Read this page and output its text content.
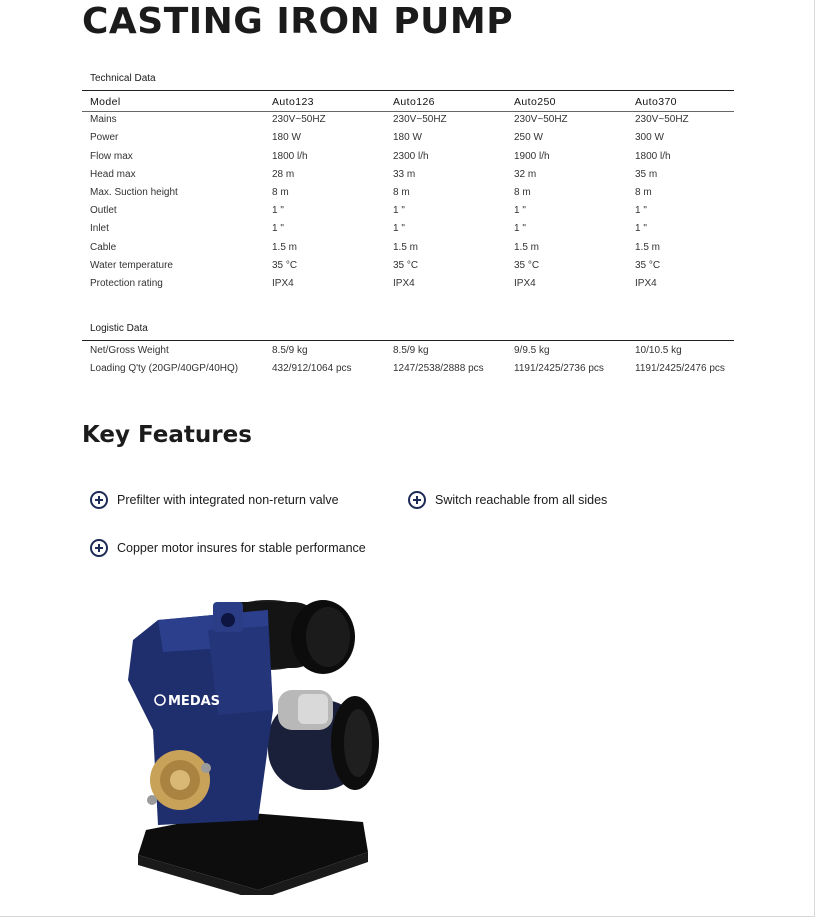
CASTING IRON PUMP
Technical Data
Model	Auto123	Auto126	Auto250	Auto370
Mains	230V~50HZ	230V~50HZ	230V~50HZ	230V~50HZ
Power	180 W	180 W	250 W	300 W
Flow max	1800 l/h	2300 l/h	1900 l/h	1800 l/h
Head max	28 m	33 m	32 m	35 m
Max. Suction height	8 m	8 m	8 m	8 m
Outlet	1 "	1 "	1 "	1 "
Inlet	1 "	1 "	1 "	1 "
Cable	1.5 m	1.5 m	1.5 m	1.5 m
Water temperature	35 °C	35 °C	35 °C	35 °C
Protection rating	IPX4	IPX4	IPX4	IPX4
Logistic Data
Net/Gross Weight	8.5/9 kg	8.5/9 kg	9/9.5 kg	10/10.5 kg
Loading Q'ty (20GP/40GP/40HQ)	432/912/1064 pcs	1247/2538/2888 pcs	1191/2425/2736 pcs	1191/2425/2476 pcs
Key Features
Prefilter with integrated non-return valve	Switch reachable from all sides
Copper motor insures for stable performance
MEDAS
